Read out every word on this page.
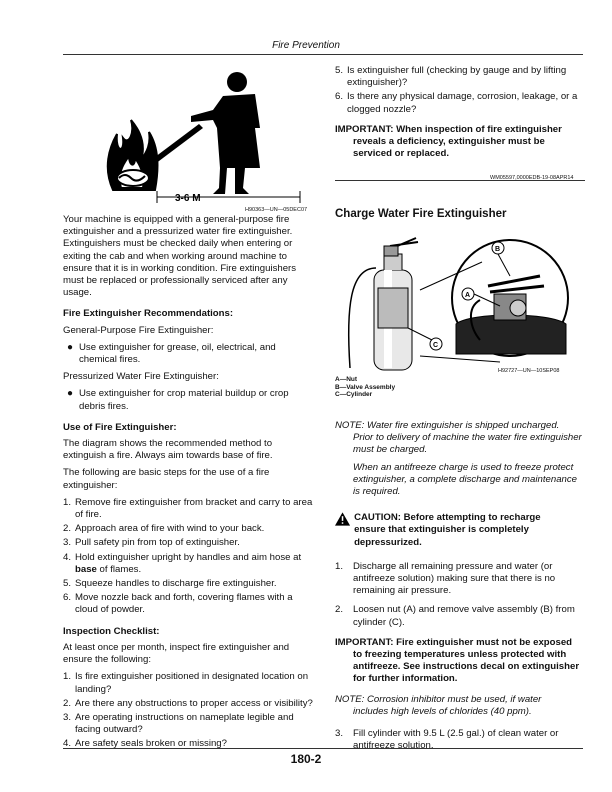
Fire Prevention
3-6 M
H90363—UN—05DEC07

Your machine is equipped with a general-purpose fire extinguisher and a pressurized water fire extinguisher. Extinguishers must be checked daily when entering or exiting the cab and when working around machine to ensure that it is in working condition. Fire extinguishers must be replaced or professionally serviced after any usage.

Fire Extinguisher Recommendations:

General-Purpose Fire Extinguisher:

● Use extinguisher for grease, oil, electrical, and chemical fires.

Pressurized Water Fire Extinguisher:

● Use extinguisher for crop material buildup or crop debris fires.

Use of Fire Extinguisher:

The diagram shows the recommended method to extinguish a fire. Always aim towards base of fire.

The following are basic steps for the use of a fire extinguisher:

1. Remove fire extinguisher from bracket and carry to area of fire.
2. Approach area of fire with wind to your back.
3. Pull safety pin from top of extinguisher.
4. Hold extinguisher upright by handles and aim hose at base of flames.
5. Squeeze handles to discharge fire extinguisher.
6. Move nozzle back and forth, covering flames with a cloud of powder.

Inspection Checklist:

At least once per month, inspect fire extinguisher and ensure the following:

1. Is fire extinguisher positioned in designated location on landing?
2. Are there any obstructions to proper access or visibility?
3. Are operating instructions on nameplate legible and facing outward?
4. Are safety seals broken or missing?
5. Is extinguisher full (checking by gauge and by lifting extinguisher)?
6. Is there any physical damage, corrosion, leakage, or a clogged nozzle?
IMPORTANT: When inspection of fire extinguisher
reveals a deficiency, extinguisher must be serviced or replaced.
WM05597,0000EDB-19-08APR14
Charge Water Fire Extinguisher
A
B
C
H92727—UN—10SEP08
A—Nut
B—Valve Assembly
C—Cylinder
NOTE: Water fire extinguisher is shipped uncharged.
Prior to delivery of machine the water fire extinguisher must be charged.
When an antifreeze charge is used to freeze protect extinguisher, a complete discharge and maintenance is required.
CAUTION: Before attempting to recharge
ensure that extinguisher is completely depressurized.
1. Discharge all remaining pressure and water (or antifreeze solution) making sure that there is no remaining air pressure.
2. Loosen nut (A) and remove valve assembly (B) from cylinder (C).
IMPORTANT: Fire extinguisher must not be exposed
to freezing temperatures unless protected with antifreeze. See instructions decal on extinguisher for further information.
NOTE: Corrosion inhibitor must be used, if water
includes high levels of chlorides (40 ppm).
3. Fill cylinder with 9.5 L (2.5 gal.) of clean water or antifreeze solution.
180-2
